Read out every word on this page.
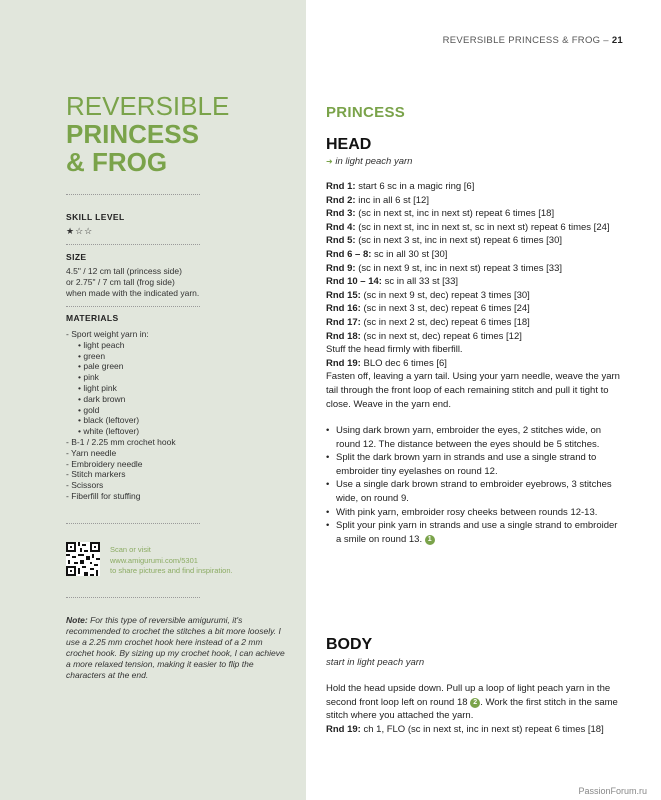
REVERSIBLE PRINCESS & FROG – 21
REVERSIBLE
PRINCESS
& FROG
SKILL LEVEL
★☆☆
SIZE
4.5" / 12 cm tall (princess side)
or 2.75" / 7 cm tall (frog side)
when made with the indicated yarn.
MATERIALS
- Sport weight yarn in:
• light peach
• green
• pale green
• pink
• light pink
• dark brown
• gold
• black (leftover)
• white (leftover)
- B-1 / 2.25 mm crochet hook
- Yarn needle
- Embroidery needle
- Stitch markers
- Scissors
- Fiberfill for stuffing
Scan or visit
www.amigurumi.com/5301
to share pictures and find inspiration.
Note: For this type of reversible amigurumi, it's recommended to crochet the stitches a bit more loosely. I use a 2.25 mm crochet hook here instead of a 2 mm crochet hook. By sizing up my crochet hook, I can achieve a more relaxed tension, making it easier to flip the characters at the end.
PRINCESS
HEAD
➜ in light peach yarn

Rnd 1: start 6 sc in a magic ring [6]

Rnd 2: inc in all 6 st [12]

Rnd 3: (sc in next st, inc in next st) repeat 6 times [18]

Rnd 4: (sc in next st, inc in next st, sc in next st) repeat 6 times [24]

Rnd 5: (sc in next 3 st, inc in next st) repeat 6 times [30]

Rnd 6 – 8: sc in all 30 st [30]

Rnd 9: (sc in next 9 st, inc in next st) repeat 3 times [33]

Rnd 10 – 14: sc in all 33 st [33]

Rnd 15: (sc in next 9 st, dec) repeat 3 times [30]

Rnd 16: (sc in next 3 st, dec) repeat 6 times [24]

Rnd 17: (sc in next 2 st, dec) repeat 6 times [18]

Rnd 18: (sc in next st, dec) repeat 6 times [12]

Stuff the head firmly with fiberfill.

Rnd 19: BLO dec 6 times [6]

Fasten off, leaving a yarn tail. Using your yarn needle, weave the yarn tail through the front loop of each remaining stitch and pull it tight to close. Weave in the yarn end.

• Using dark brown yarn, embroider the eyes, 2 stitches wide, on round 12. The distance between the eyes should be 5 stitches.
• Split the dark brown yarn in strands and use a single strand to embroider tiny eyelashes on round 12.
• Use a single dark brown strand to embroider eyebrows, 3 stitches wide, on round 9.
• With pink yarn, embroider rosy cheeks between rounds 12-13.
• Split your pink yarn in strands and use a single strand to embroider a smile on round 13. 1
BODY
start in light peach yarn

Hold the head upside down. Pull up a loop of light peach yarn in the second front loop left on round 18 2 . Work the first stitch in the same stitch where you attached the yarn.

Rnd 19: ch 1, FLO (sc in next st, inc in next st) repeat 6 times [18]

PassionForum.ru
